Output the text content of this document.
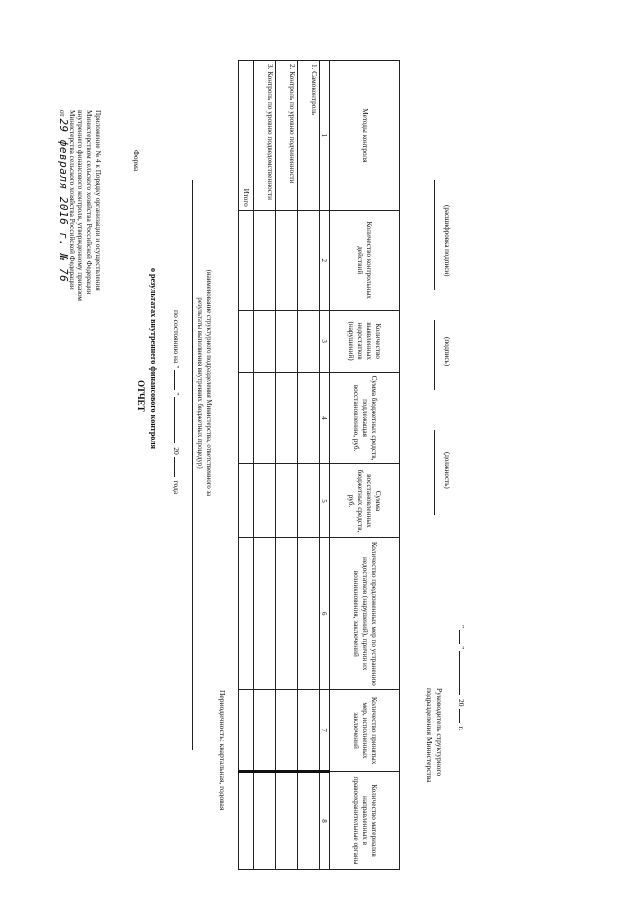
Приложение № 4 к Порядку организации и осуществления
Министерством сельского хозяйства Российской Федерации
внутреннего финансового контроля, утвержденному приказом
Министерства сельского хозяйства Российской Федерации
от 29 февраля 2016 г. № 76	Форма
ОТЧЕТ о результатах внутреннего финансового контроля по состоянию на "" 20 года	(наименование структурного подразделения Министерства, ответственного за результаты выполнения внутренних бюджетных процедур)
Периодичность: квартальная, годовая
Методы контроля	Количество контрольных действий	Количество выявленных недостатков (нарушений)	Сумма бюджетных средств, подлежащая восстановлению, руб.	Сумма восстановленных бюджетных средств, руб.	Количество предложенных мер по устранению недостатков (нарушений), причин их возникновения, заключений	Количество принятых мер, исполненных заключений	Количество материалов направленных в правоохранительные органы
1	2	3	4	5	6	7	8
1. Самоконтроль							
2. Контроль по уровню подчиненности							
3. Контроль по уровню подведомственности							
Итого							
Руководитель структурного
подразделения Министерства
(должность)
(подпись)
(расшифровка подписи)
"" 20 г.
